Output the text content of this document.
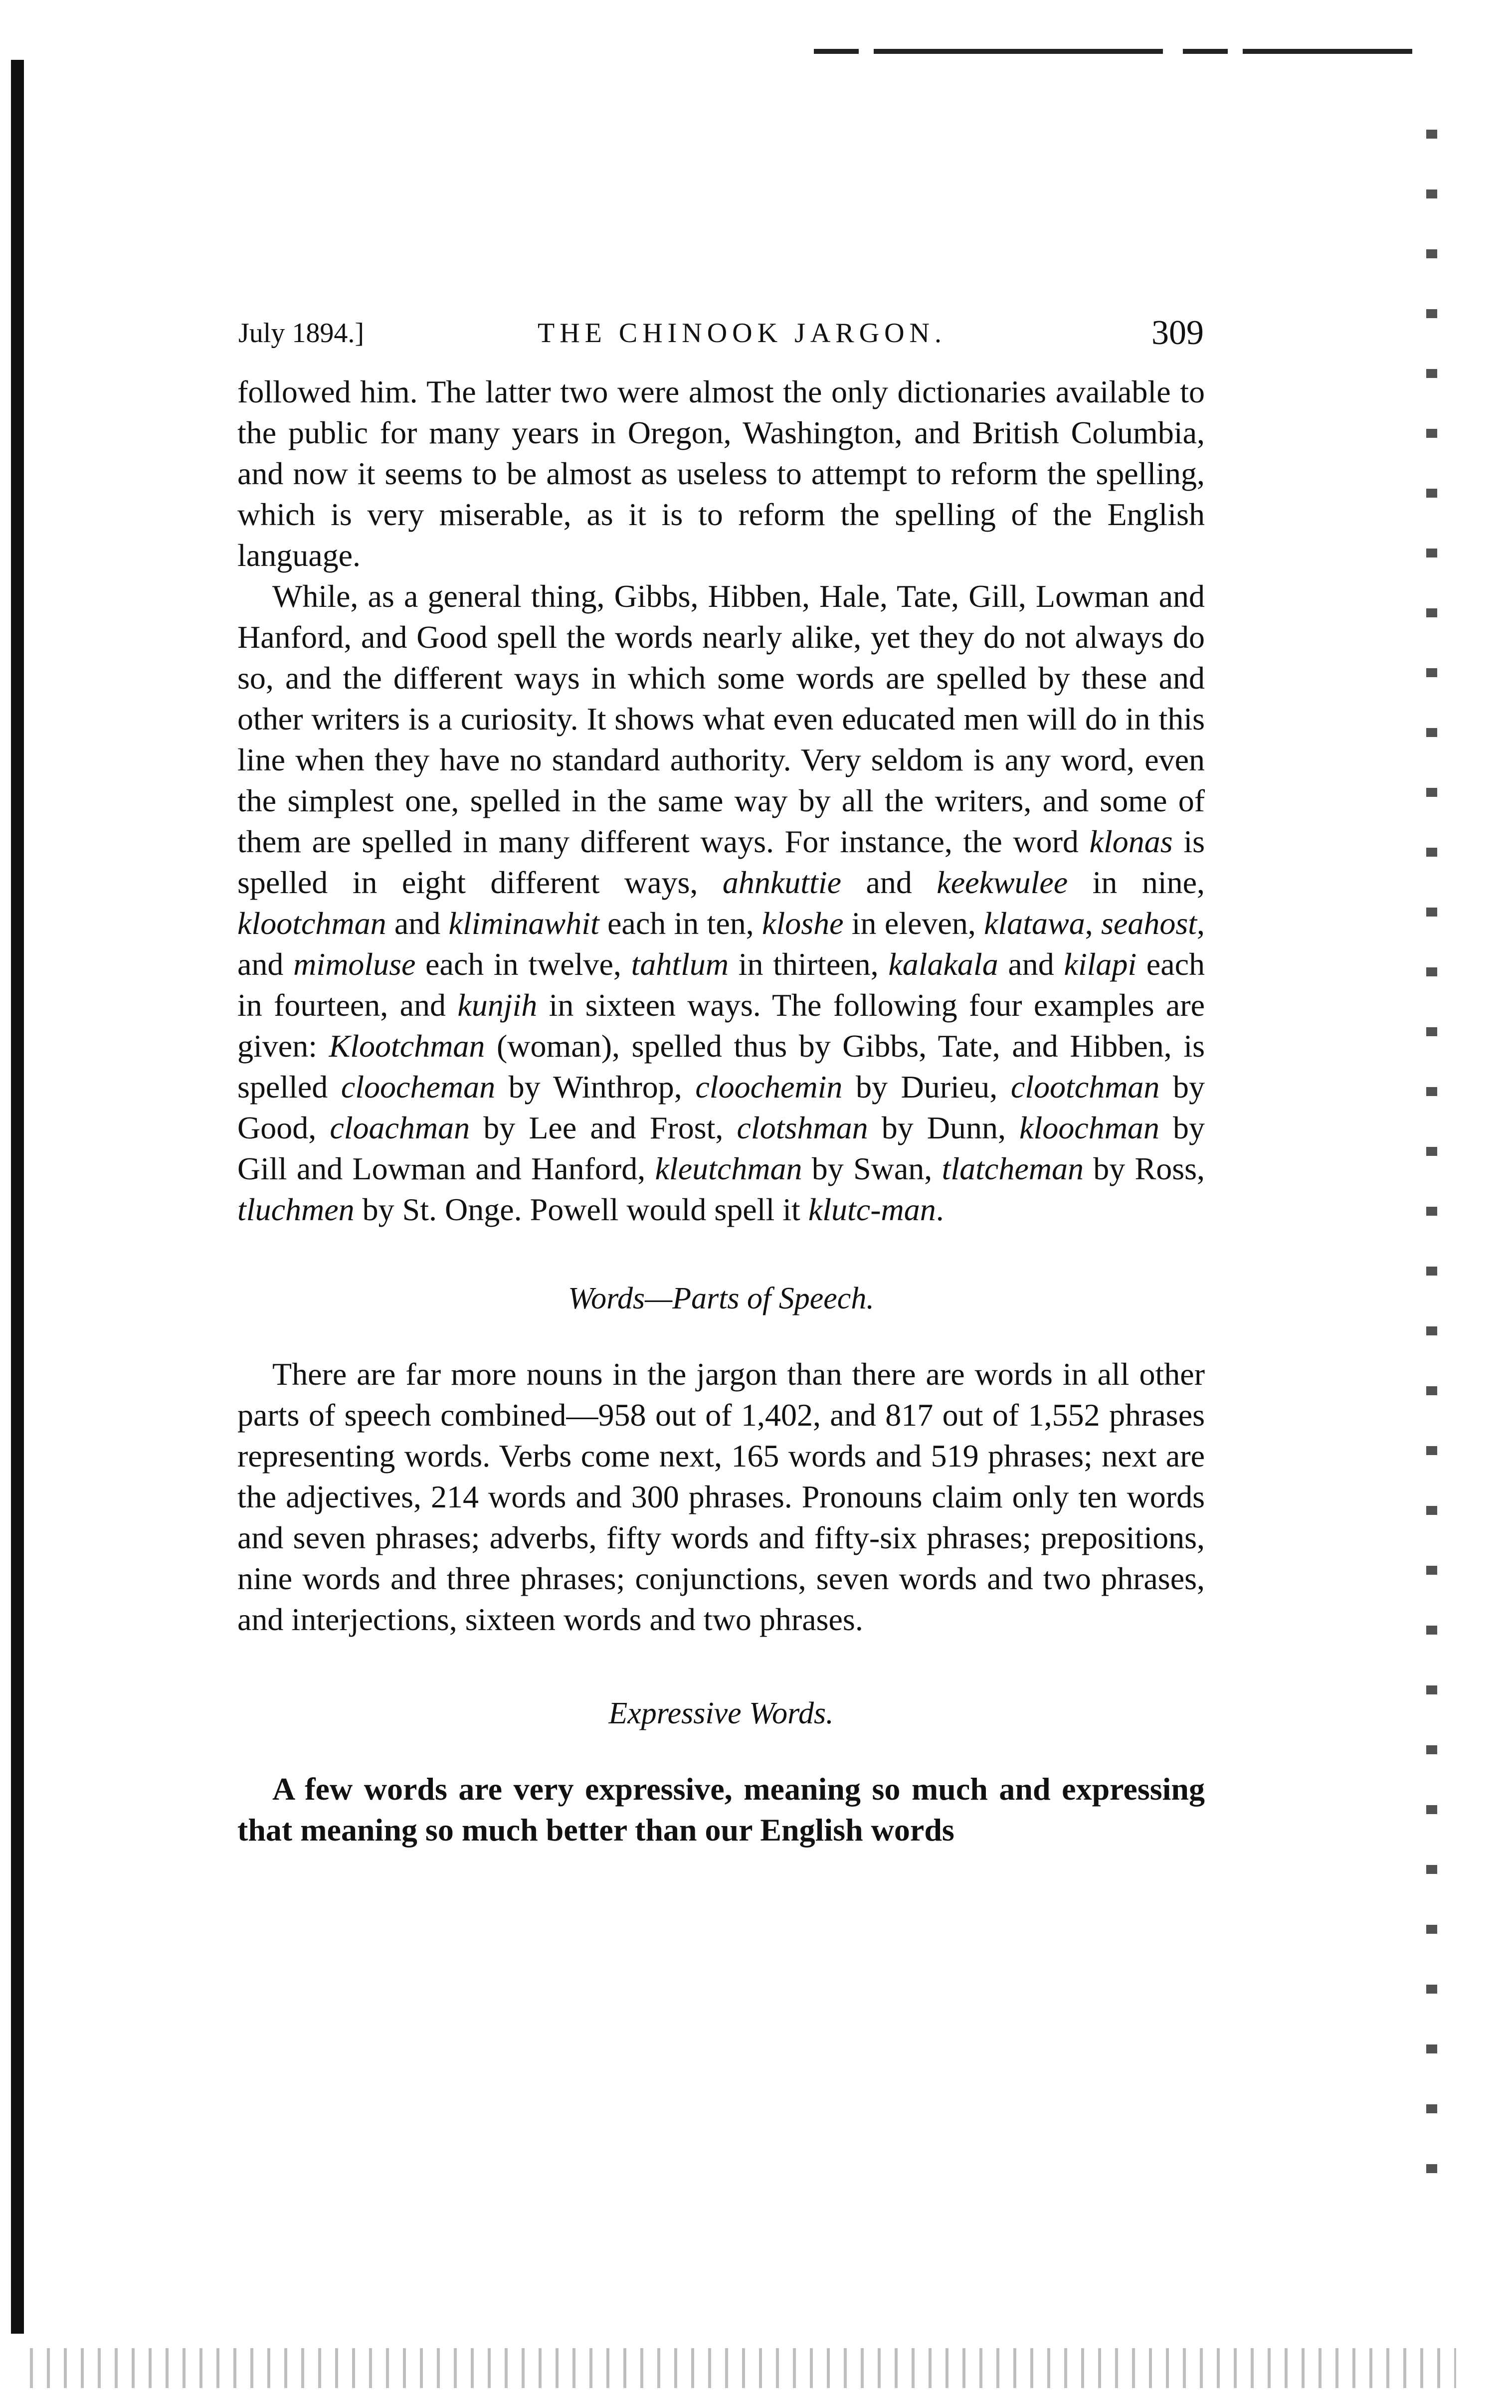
July 1894.]	THE CHINOOK JARGON.	309

followed him. The latter two were almost the only dictionaries available to the public for many years in Oregon, Washington, and British Columbia, and now it seems to be almost as useless to attempt to reform the spelling, which is very miserable, as it is to reform the spelling of the English language.

While, as a general thing, Gibbs, Hibben, Hale, Tate, Gill, Lowman and Hanford, and Good spell the words nearly alike, yet they do not always do so, and the different ways in which some words are spelled by these and other writers is a curiosity. It shows what even educated men will do in this line when they have no standard authority. Very seldom is any word, even the simplest one, spelled in the same way by all the writers, and some of them are spelled in many different ways. For instance, the word klonas is spelled in eight different ways, ahnkuttie and keekwulee in nine, klootchman and kliminawhit each in ten, kloshe in eleven, klatawa, seahost, and mimoluse each in twelve, tahtlum in thirteen, kalakala and kilapi each in fourteen, and kunjih in sixteen ways. The following four examples are given: Klootchman (woman), spelled thus by Gibbs, Tate, and Hibben, is spelled cloocheman by Winthrop, cloochemin by Durieu, clootchman by Good, cloachman by Lee and Frost, clotshman by Dunn, kloochman by Gill and Lowman and Hanford, kleutchman by Swan, tlatcheman by Ross, tluchmen by St. Onge. Powell would spell it klutc-man.

Words—Parts of Speech.

There are far more nouns in the jargon than there are words in all other parts of speech combined—958 out of 1,402, and 817 out of 1,552 phrases representing words. Verbs come next, 165 words and 519 phrases; next are the adjectives, 214 words and 300 phrases. Pronouns claim only ten words and seven phrases; adverbs, fifty words and fifty-six phrases; prepositions, nine words and three phrases; conjunctions, seven words and two phrases, and interjections, sixteen words and two phrases.

Expressive Words.

A few words are very expressive, meaning so much and expressing that meaning so much better than our English words
